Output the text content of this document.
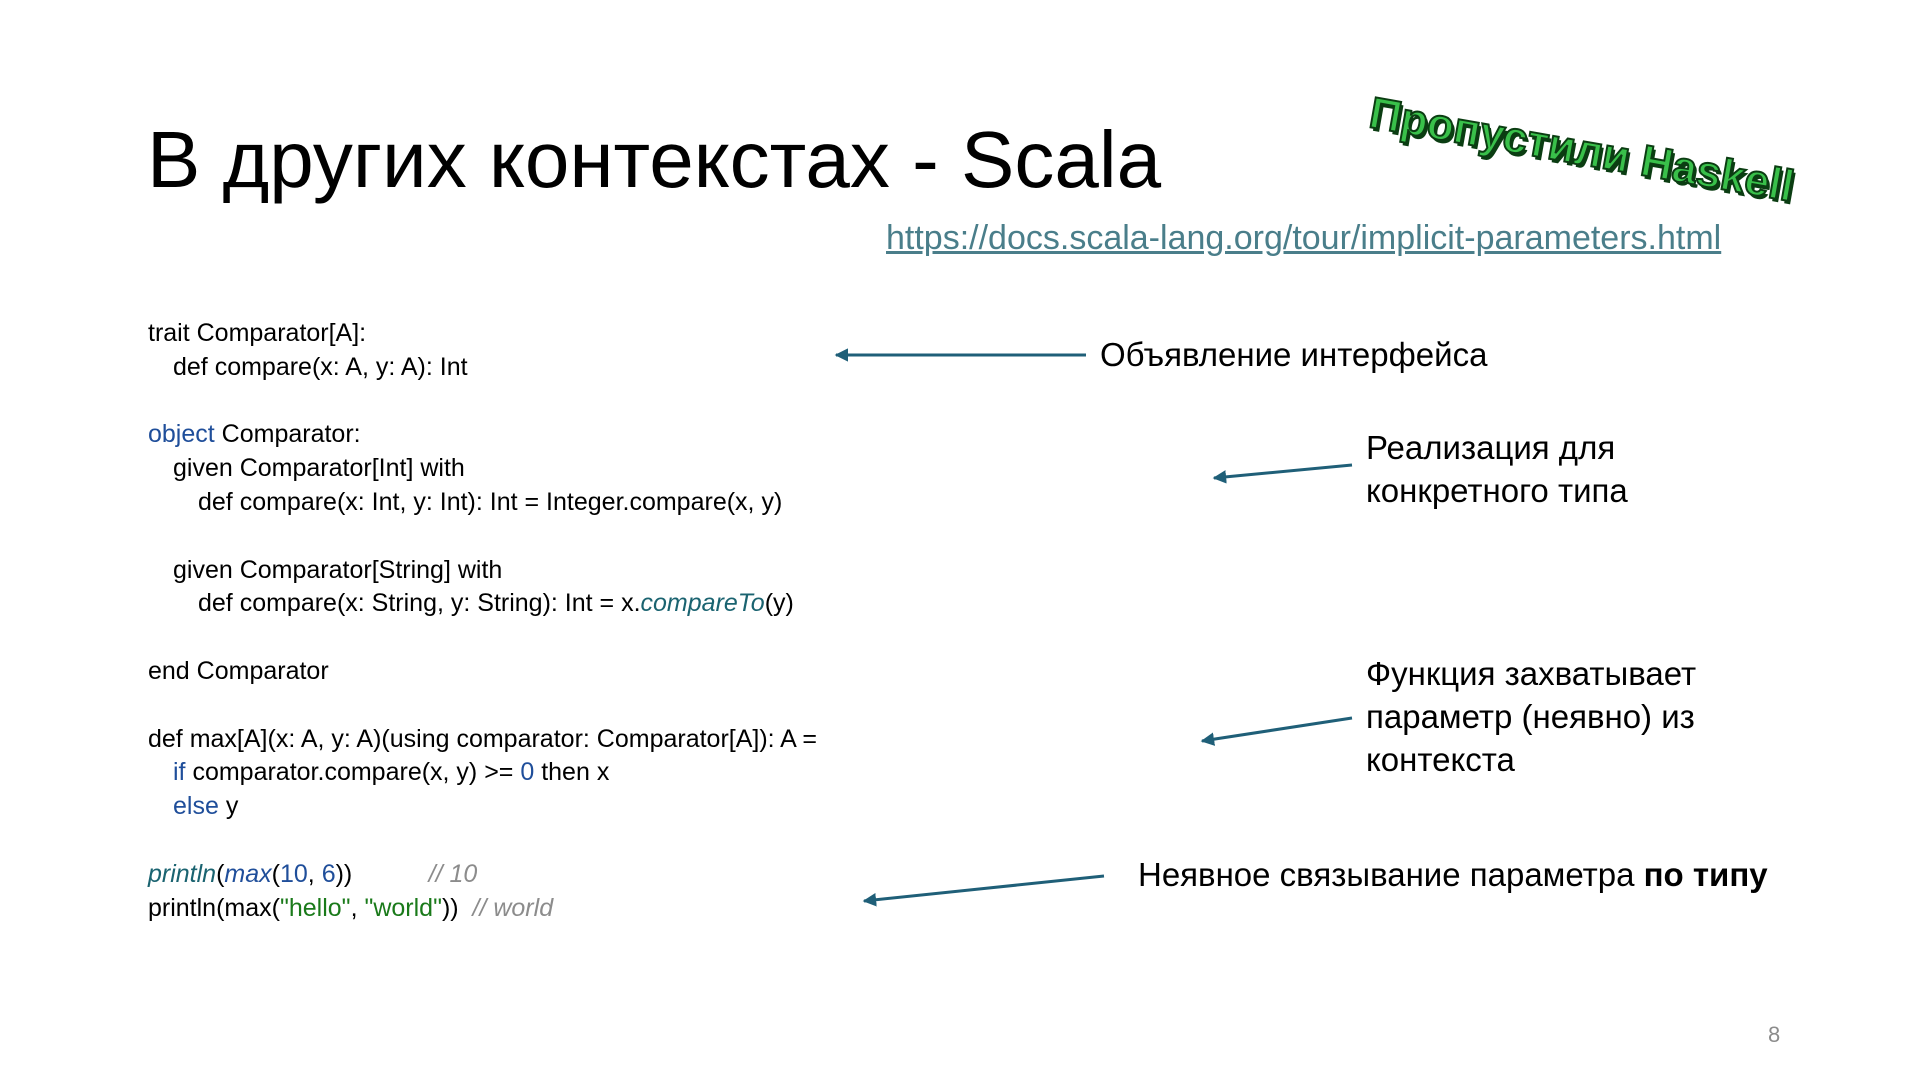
В других контекстах - Scala	Пропустили Haskell
https://docs.scala-lang.org/tour/implicit-parameters.html
trait Comparator[A]:
def compare(x: A, y: A): Int
object Comparator:
given Comparator[Int] with
def compare(x: Int, y: Int): Int = Integer.compare(x, y)
given Comparator[String] with
def compare(x: String, y: String): Int = x.compareTo(y)
end Comparator
def max[A](x: A, y: A)(using comparator: Comparator[A]): A =
if comparator.compare(x, y) >= 0 then x
else y
println(max(10, 6))	// 10
println(max("hello", "world"))  // world
Объявление интерфейса
Реализация для
конкретного типа
Функция захватывает
параметр (неявно) из
контекста
Неявное связывание параметра по типу
8
